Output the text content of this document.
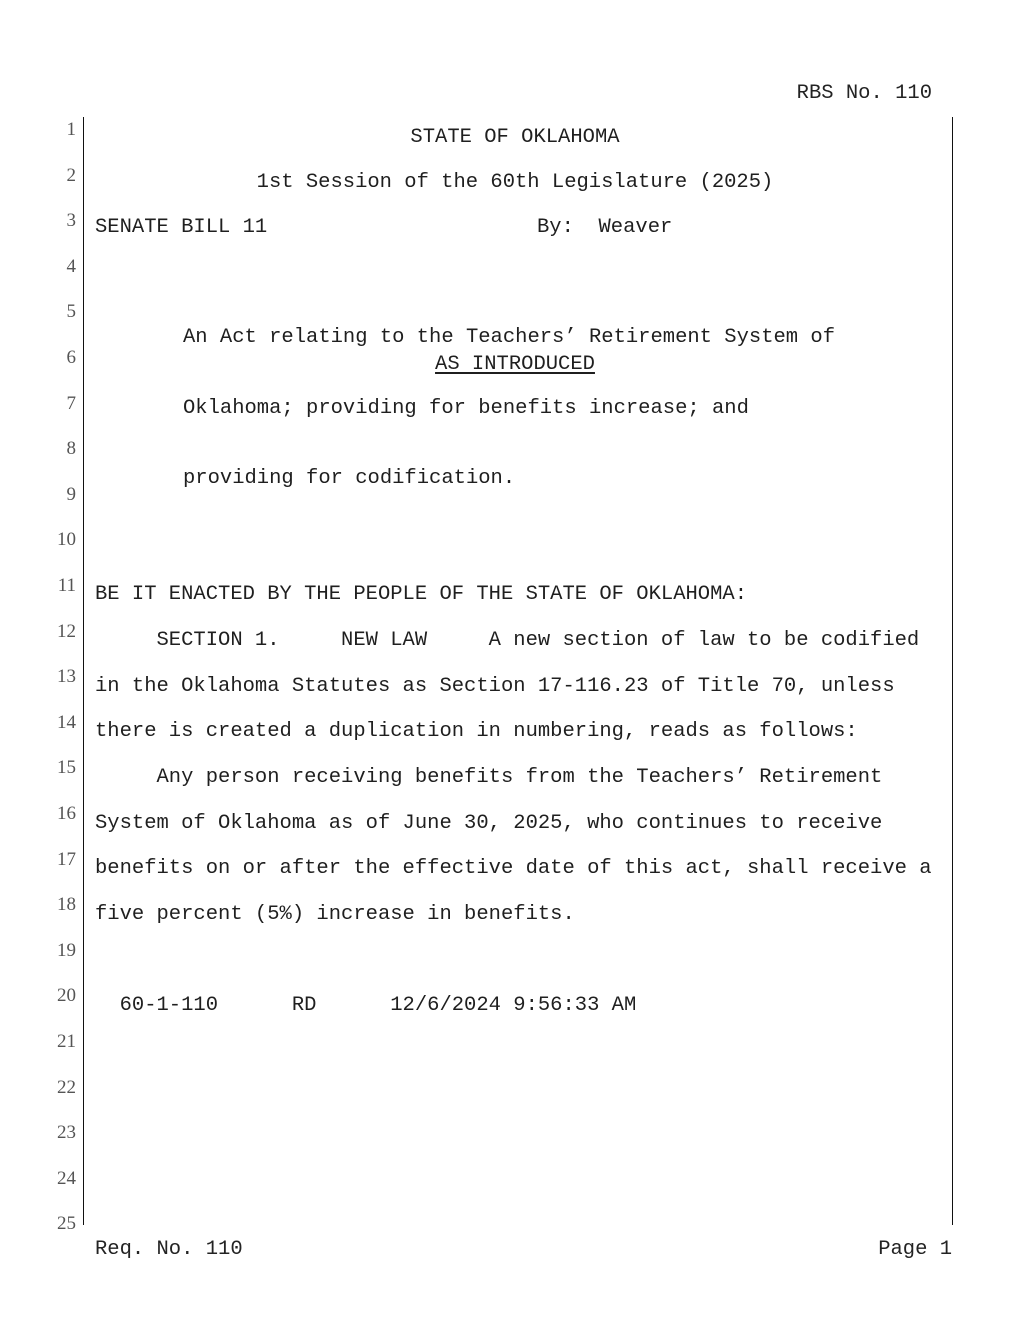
RBS No. 110
1
2
3
4
5
6
7
8
9
10
11
12
13
14
15
16
17
18
19
20
21
22
23
24
25
STATE OF OKLAHOMA
1st Session of the 60th Legislature (2025)
SENATE BILL 11	By:  Weaver
AS INTRODUCED

An Act relating to the Teachers’ Retirement System of

Oklahoma; providing for benefits increase; and

providing for codification.

BE IT ENACTED BY THE PEOPLE OF THE STATE OF OKLAHOMA:
SECTION 1.     NEW LAW     A new section of law to be codified
in the Oklahoma Statutes as Section 17-116.23 of Title 70, unless
there is created a duplication in numbering, reads as follows:
Any person receiving benefits from the Teachers’ Retirement
System of Oklahoma as of June 30, 2025, who continues to receive
benefits on or after the effective date of this act, shall receive a
five percent (5%) increase in benefits.
60-1-110      RD      12/6/2024 9:56:33 AM
Req. No. 110	Page 1
